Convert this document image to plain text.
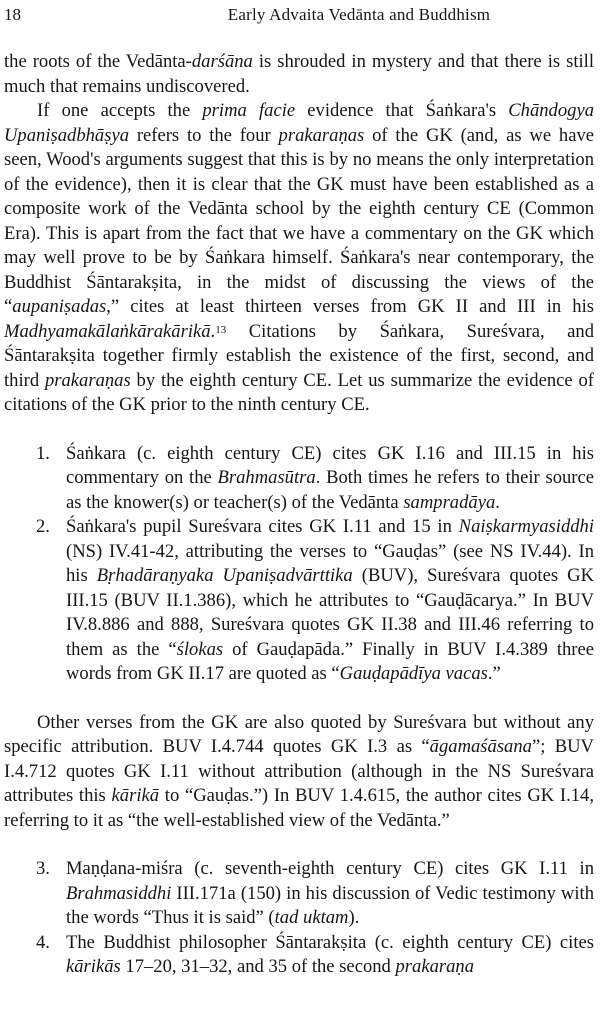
18	Early Advaita Vedānta and Buddhism

the roots of the Vedānta-darśāna is shrouded in mystery and that there is still much that remains undiscovered.

If one accepts the prima facie evidence that Śaṅkara's Chāndogya Upaniṣadbhāṣya refers to the four prakaraṇas of the GK (and, as we have seen, Wood's arguments suggest that this is by no means the only interpretation of the evidence), then it is clear that the GK must have been established as a composite work of the Vedānta school by the eighth century CE (Common Era). This is apart from the fact that we have a commentary on the GK which may well prove to be by Śaṅkara himself. Śaṅkara's near contemporary, the Buddhist Śāntarakṣita, in the midst of discussing the views of the “aupaniṣadas,” cites at least thirteen verses from GK II and III in his Madhyamakālaṅkārakārikā.$^{13}$ Citations by Śaṅkara, Sureśvara, and Śāntarakṣita together firmly establish the existence of the first, second, and third prakaraṇas by the eighth century CE. Let us summarize the evidence of citations of the GK prior to the ninth century CE.

1. Śaṅkara (c. eighth century CE) cites GK I.16 and III.15 in his commentary on the Brahmasūtra. Both times he refers to their source as the knower(s) or teacher(s) of the Vedānta sampradāya.
2. Śaṅkara's pupil Sureśvara cites GK I.11 and 15 in Naiṣkarmyasiddhi (NS) IV.41-42, attributing the verses to “Gauḍas” (see NS IV.44). In his Bṛhadāraṇyaka Upaniṣadvārttika (BUV), Sureśvara quotes GK III.15 (BUV II.1.386), which he attributes to “Gauḍācarya.” In BUV IV.8.886 and 888, Sureśvara quotes GK II.38 and III.46 referring to them as the “ślokas of Gauḍapāda.” Finally in BUV I.4.389 three words from GK II.17 are quoted as “Gauḍapādīya vacas.”

Other verses from the GK are also quoted by Sureśvara but without any specific attribution. BUV I.4.744 quotes GK I.3 as “āgamaśāsana”; BUV I.4.712 quotes GK I.11 without attribution (although in the NS Sureśvara attributes this kārikā to “Gauḍas.”) In BUV 1.4.615, the author cites GK I.14, referring to it as “the well-established view of the Vedānta.”

3. Maṇḍana-miśra (c. seventh-eighth century CE) cites GK I.11 in Brahmasiddhi III.171a (150) in his discussion of Vedic testimony with the words “Thus it is said” (tad uktam).
4. The Buddhist philosopher Śāntarakṣita (c. eighth century CE) cites kārikās 17–20, 31–32, and 35 of the second prakaraṇa
